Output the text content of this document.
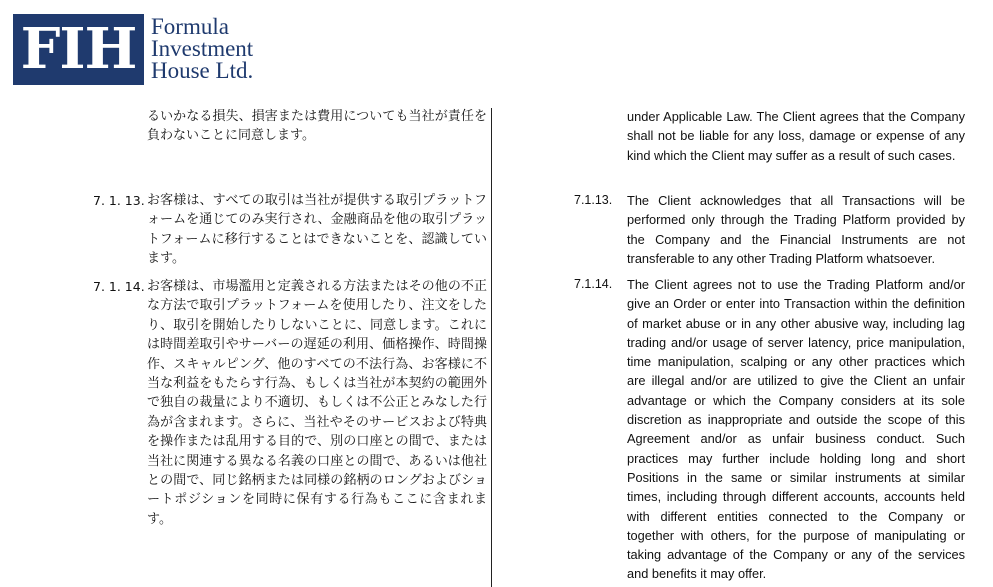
FIH Formula
Investment
House Ltd.
るいかなる損失、損害または費用についても当社が責任を負わないことに同意します。
7. 1. 13. お客様は、すべての取引は当社が提供する取引プラットフォームを通じてのみ実行され、金融商品を他の取引プラットフォームに移行することはできないことを、認識しています。
7. 1. 14. お客様は、市場濫用と定義される方法またはその他の不正な方法で取引プラットフォームを使用したり、注文をしたり、取引を開始したりしないことに、同意します。これには時間差取引やサーバーの遅延の利用、価格操作、時間操作、スキャルピング、他のすべての不法行為、お客様に不当な利益をもたらす行為、もしくは当社が本契約の範囲外で独自の裁量により不適切、もしくは不公正とみなした行為が含まれます。さらに、当社やそのサービスおよび特典を操作または乱用する目的で、別の口座との間で、または当社に関連する異なる名義の口座との間で、あるいは他社との間で、同じ銘柄または同様の銘柄のロングおよびショートポジションを同時に保有する行為もここに含まれます。
under Applicable Law. The Client agrees that the Company shall not be liable for any loss, damage or expense of any kind which the Client may suffer as a result of such cases.
7.1.13. The Client acknowledges that all Transactions will be performed only through the Trading Platform provided by the Company and the Financial Instruments are not transferable to any other Trading Platform whatsoever.
7.1.14. The Client agrees not to use the Trading Platform and/or give an Order or enter into Transaction within the definition of market abuse or in any other abusive way, including lag trading and/or usage of server latency, price manipulation, time manipulation, scalping or any other practices which are illegal and/or are utilized to give the Client an unfair advantage or which the Company considers at its sole discretion as inappropriate and outside the scope of this Agreement and/or as unfair business conduct. Such practices may further include holding long and short Positions in the same or similar instruments at similar times, including through different accounts, accounts held with different entities connected to the Company or together with others, for the purpose of manipulating or taking advantage of the Company or any of the services and benefits it may offer.
